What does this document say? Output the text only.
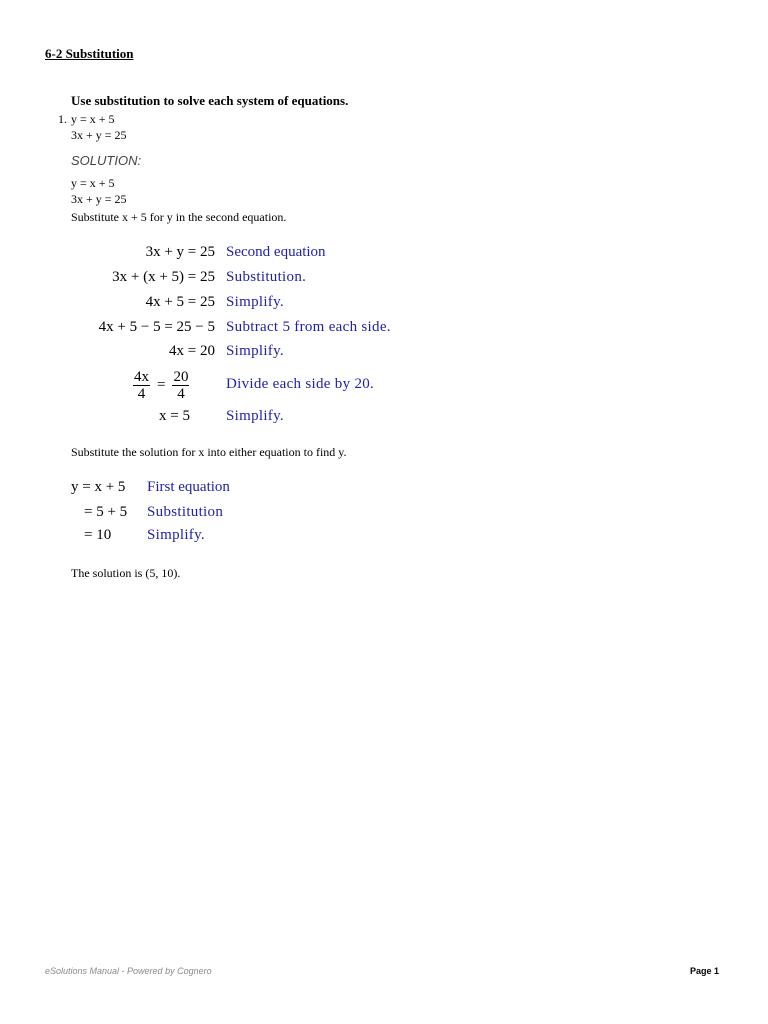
6-2 Substitution
Use substitution to solve each system of equations.
1. y = x + 5
3x + y = 25
SOLUTION:
y = x + 5
3x + y = 25
Substitute x + 5 for y in the second equation.
3x + y = 25 Second equation
3x + (x + 5) = 25 Substitution.
4x + 5 = 25 Simplify.
4x + 5 − 5 = 25 − 5 Subtract 5 from each side.
4x = 20 Simplify.
$\frac{4x}{4} = \frac{20}{4}$ Divide each side by 20.
x = 5 Simplify.
Substitute the solution for x into either equation to find y.
y = x + 5 First equation
= 5 + 5 Substitution
= 10 Simplify.
The solution is (5, 10).
eSolutions Manual - Powered by Cognero	Page 1
